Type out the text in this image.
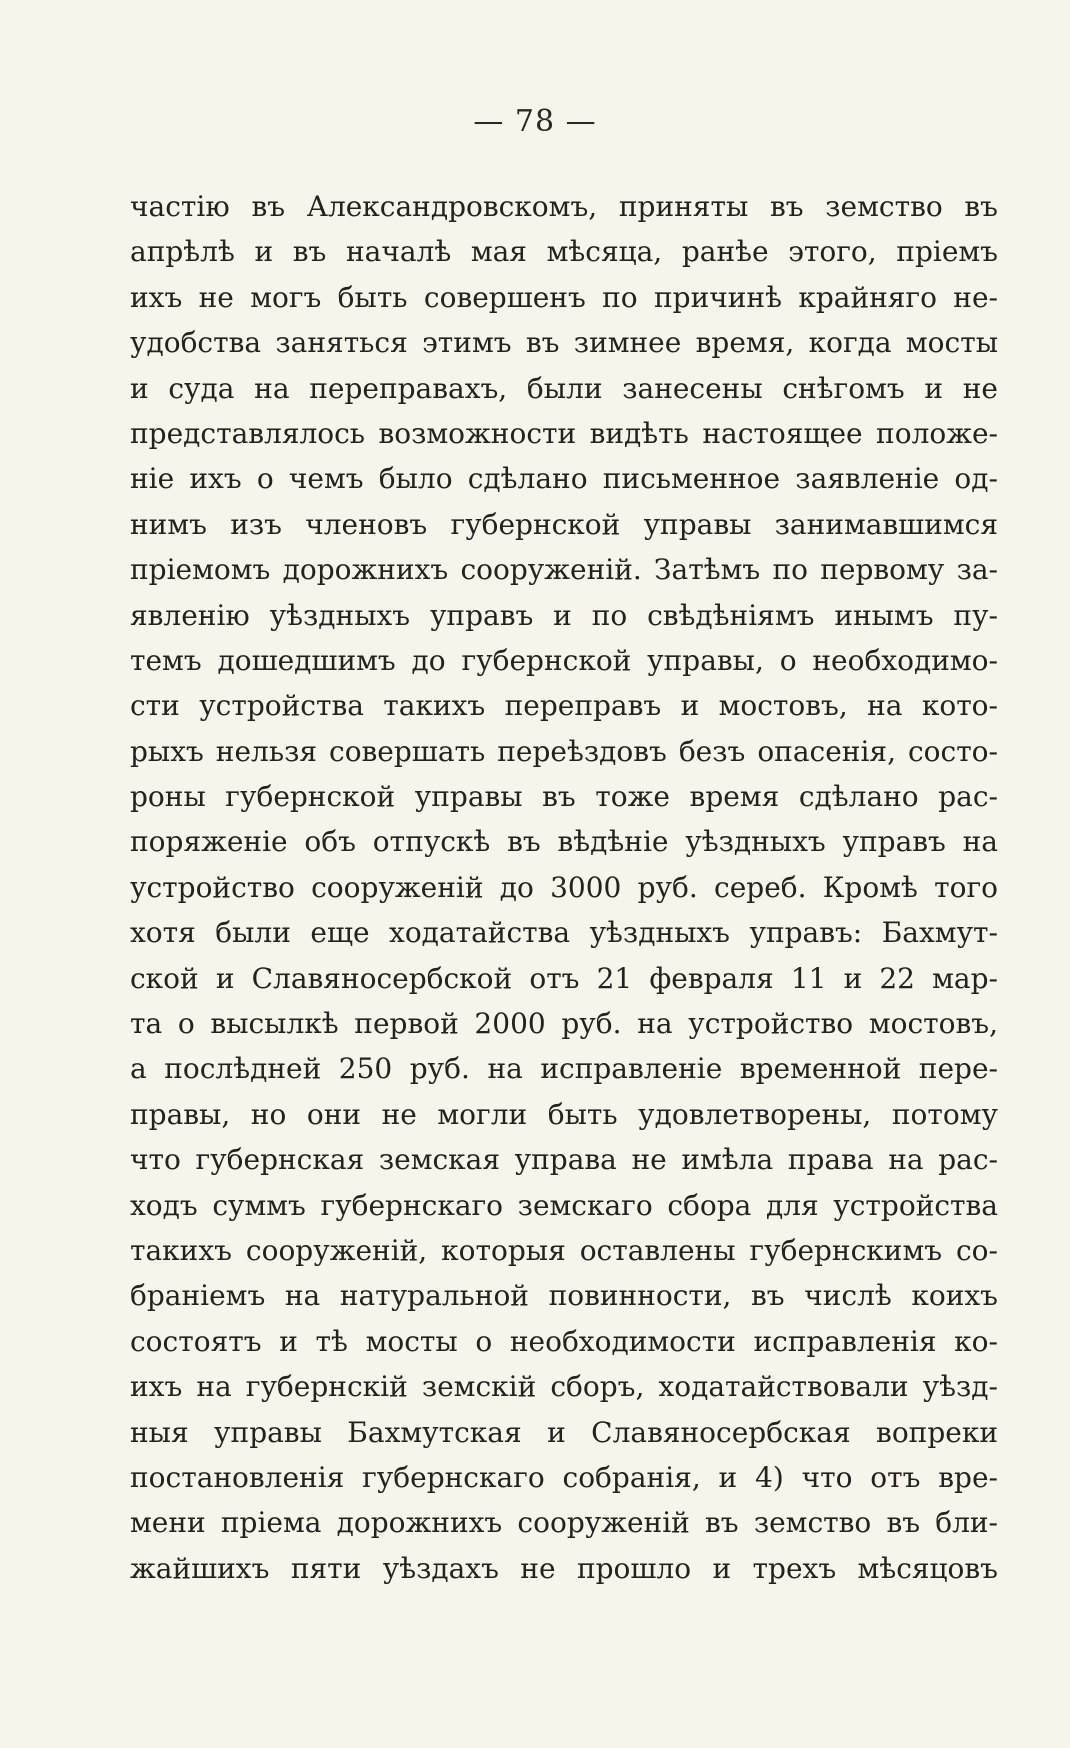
— 78 —
частію въ Александровскомъ, приняты въ земство въ
апрѣлѣ и въ началѣ мая мѣсяца, ранѣе этого, пріемъ
ихъ не могъ быть совершенъ по причинѣ крайняго не-
удобства заняться этимъ въ зимнее время, когда мосты
и суда на переправахъ, были занесены снѣгомъ и не
представлялось возможности видѣть настоящее положе-
ніе ихъ о чемъ было сдѣлано письменное заявленіе од-
нимъ изъ членовъ губернской управы занимавшимся
пріемомъ дорожнихъ сооруженій. Затѣмъ по первому за-
явленію уѣздныхъ управъ и по свѣдѣніямъ инымъ пу-
темъ дошедшимъ до губернской управы, о необходимо-
сти устройства такихъ переправъ и мостовъ, на кото-
рыхъ нельзя совершать переѣздовъ безъ опасенія, состо-
роны губернской управы въ тоже время сдѣлано рас-
поряженіе объ отпускѣ въ вѣдѣніе уѣздныхъ управъ на
устройство сооруженій до 3000 руб. сереб. Кромѣ того
хотя были еще ходатайства уѣздныхъ управъ: Бахмут-
ской и Славяносербской отъ 21 февраля 11 и 22 мар-
та о высылкѣ первой 2000 руб. на устройство мостовъ,
а послѣдней 250 руб. на исправленіе временной пере-
правы, но они не могли быть удовлетворены, потому
что губернская земская управа не имѣла права на рас-
ходъ суммъ губернскаго земскаго сбора для устройства
такихъ сооруженій, которыя оставлены губернскимъ со-
браніемъ на натуральной повинности, въ числѣ коихъ
состоятъ и тѣ мосты о необходимости исправленія ко-
ихъ на губернскій земскій сборъ, ходатайствовали уѣзд-
ныя управы Бахмутская и Славяносербская вопреки
постановленія губернскаго собранія, и 4) что отъ вре-
мени пріема дорожнихъ сооруженій въ земство въ бли-
жайшихъ пяти уѣздахъ не прошло и трехъ мѣсяцовъ
